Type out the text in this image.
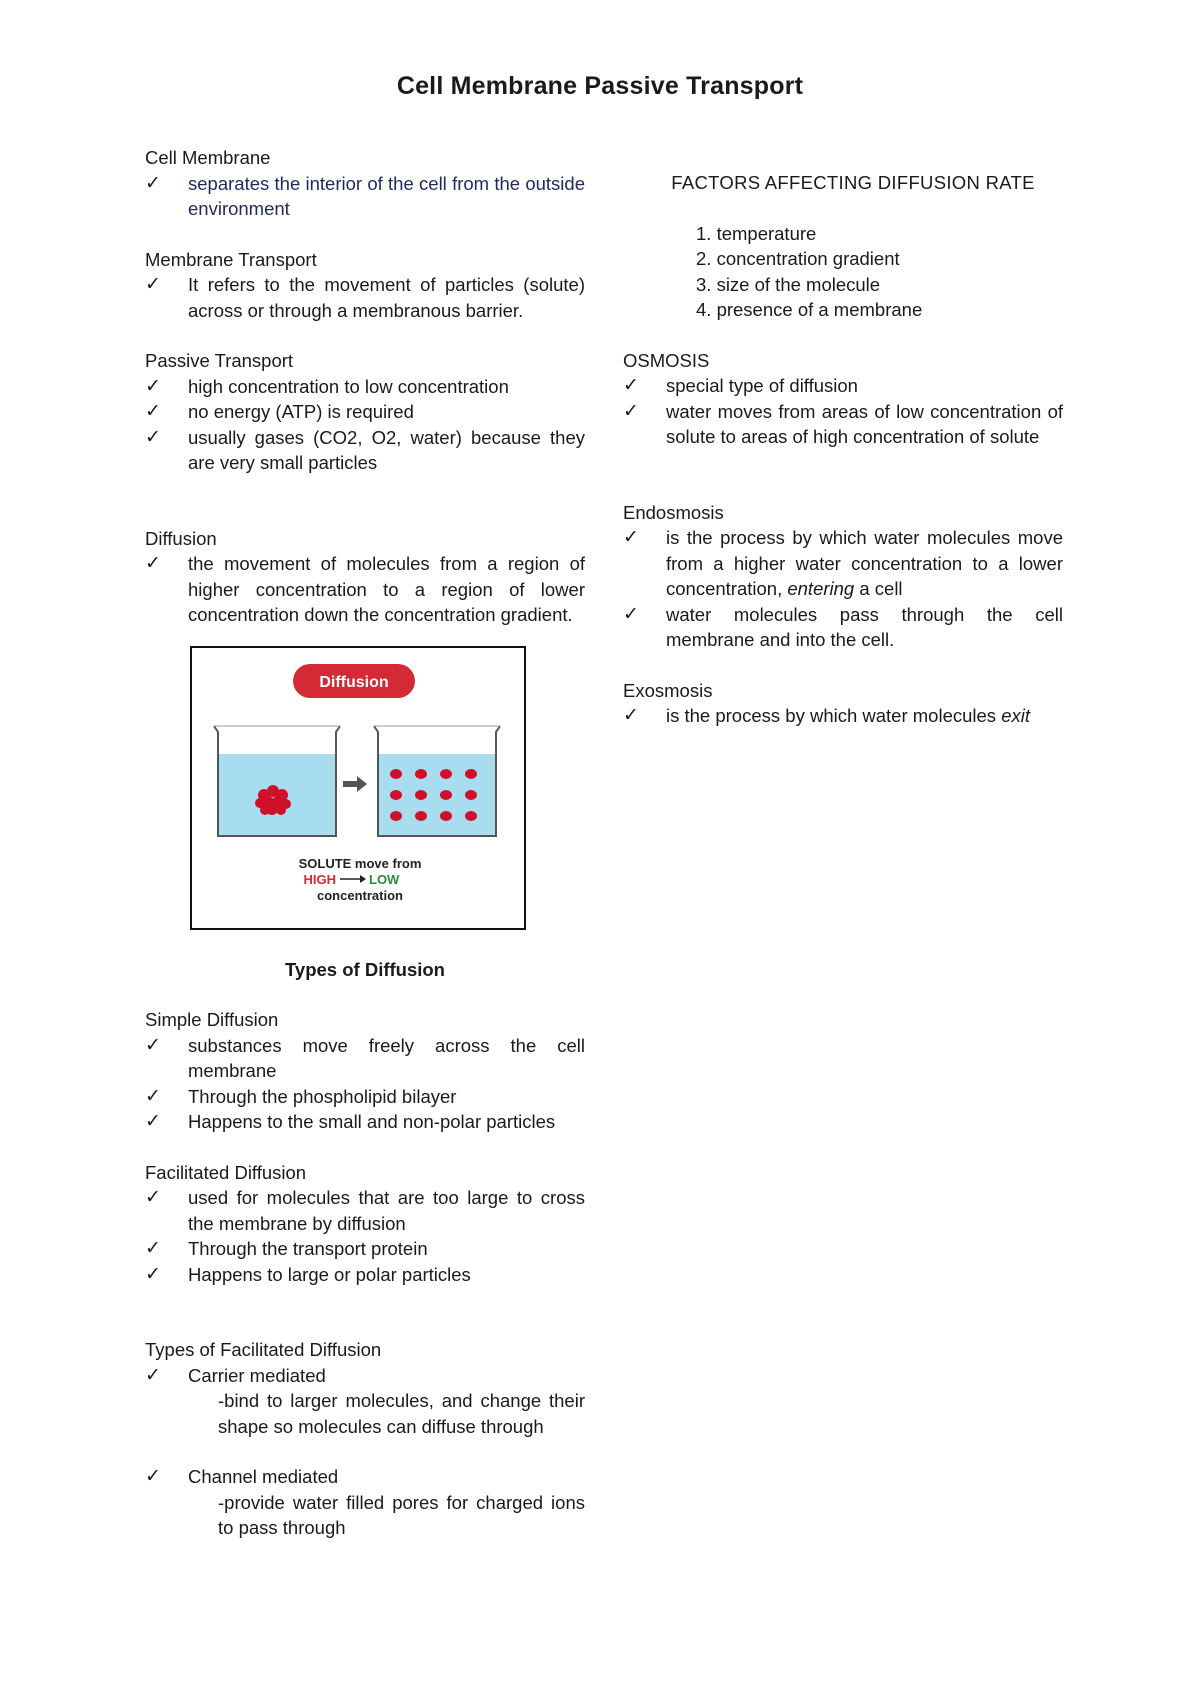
Cell Membrane Passive Transport
Cell Membrane
✓	separates the interior of the cell from the outside environment
Membrane Transport
✓	It refers to the movement of particles (solute) across or through a membranous barrier.
Passive Transport
✓	high concentration to low concentration
✓	no energy (ATP) is required
✓	usually gases (CO2, O2, water) because they are very small particles
Diffusion
✓	the movement of molecules from a region of higher concentration to a region of lower concentration down the concentration gradient.
Diffusion
SOLUTE move from
HIGH	LOW
concentration
Types of Diffusion
Simple Diffusion
✓	substances move freely across the cell membrane
✓	Through the phospholipid bilayer
✓	Happens to the small and non-polar particles
Facilitated Diffusion
✓	used for molecules that are too large to cross the membrane by diffusion
✓	Through the transport protein
✓	Happens to large or polar particles
Types of Facilitated Diffusion
✓	Carrier mediated
-bind to larger molecules, and change their shape so molecules can diffuse through
✓	Channel mediated
-provide water filled pores for charged ions to pass through
FACTORS AFFECTING DIFFUSION RATE
1. temperature
2. concentration gradient
3. size of the molecule
4. presence of a membrane
OSMOSIS
✓	special type of diffusion
✓	water moves from areas of low concentration of solute to areas of high concentration of solute
Endosmosis
✓	is the process by which water molecules move from a higher water concentration to a lower concentration, entering a cell
✓	water molecules pass through the cell membrane and into the cell.
Exosmosis
✓	is the process by which water molecules exit
